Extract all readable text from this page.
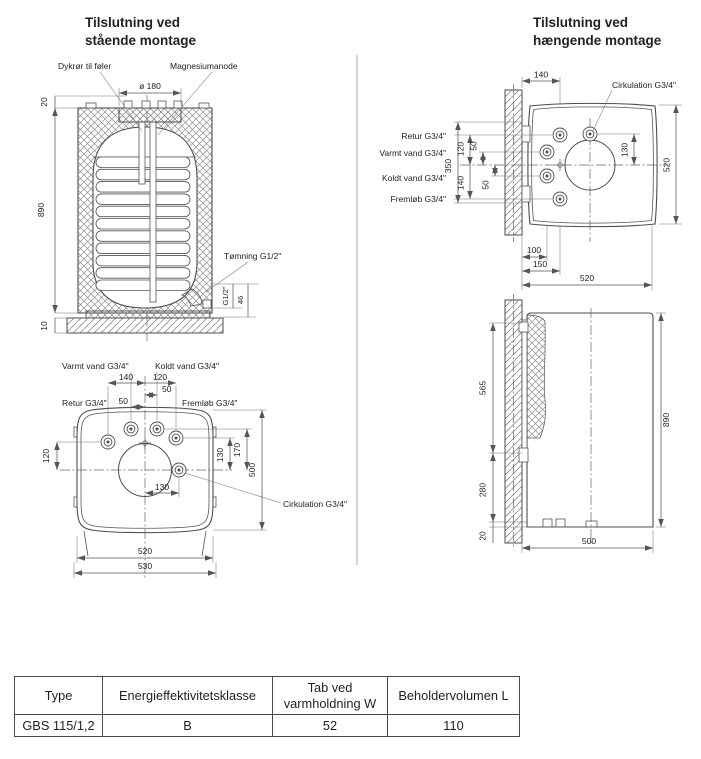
Tilslutning ved
stående montage
Tilslutning ved
hængende montage
Dykrør til føler	Magnesiumanode
ø 180
20
890
10
Tømning G1/2"
G1/2" 46
Varmt vand G3/4"	Koldt vand G3/4"
Retur G3/4"	Fremløb G3/4"
Cirkulation G3/4"
140 120
50
50
120	130 170
500
130
520
530
140
Cirkulation G3/4"
Retur G3/4"
Varmt vand G3/4"
Koldt vand G3/4"
Fremløb G3/4"
350
120
140
50
50
130
520
100
150
520
565
280
20
890
500
Type	Energieffektivitetsklasse	Tab ved varmholdning W	Beholdervolumen L
GBS 115/1,2	B	52	110
